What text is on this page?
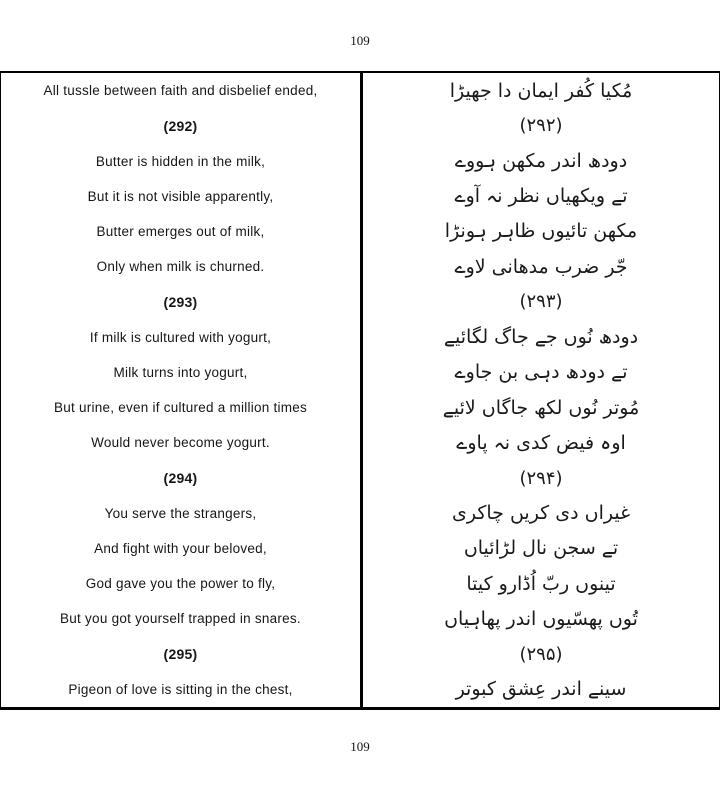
109
All tussle between faith and disbelief ended,	مُکیا کُفر ایمان دا جھیڑا
(292)	(۲۹۲)
Butter is hidden in the milk,	دودھ اندر مکھن ہووے
But it is not visible apparently,	تے ویکھیاں نظر نہ آوے
Butter emerges out of milk,	مکھن تائیوں ظاہر ہونڑا
Only when milk is churned.	جّر ضرب مدھانی لاوے
(293)	(۲۹۳)
If milk is cultured with yogurt,	دودھ نُوں جے جاگ لگائیے
Milk turns into yogurt,	تے دودھ دہی بن جاوے
But urine, even if cultured a million times	مُوتر نُوں لکھ جاگاں لائیے
Would never become yogurt.	اوہ فیض کدی نہ پاوے
(294)	(۲۹۴)
You serve the strangers,	غیراں دی کریں چاکری
And fight with your beloved,	تے سجن نال لڑائیاں
God gave you the power to fly,	تینوں ربّ اُڈارو کیتا
But you got yourself trapped in snares.	تُوں پھسّیوں اندر پھاہیاں
(295)	(۲۹۵)
Pigeon of love is sitting in the chest,	سینے اندر عِشق کبوتر
109
